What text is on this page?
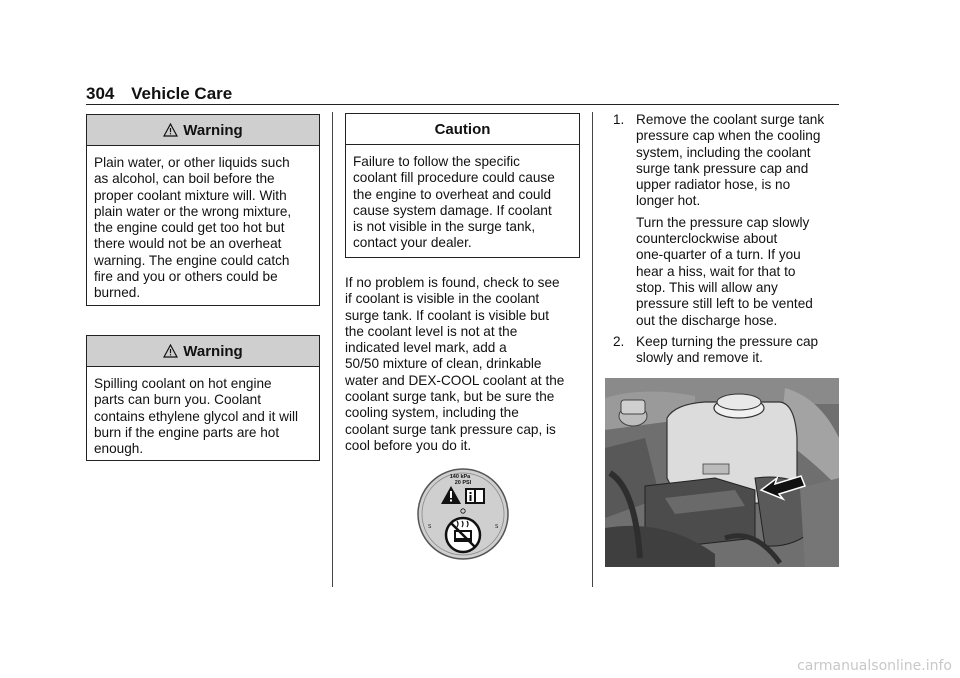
304 Vehicle Care
Warning
Plain water, or other liquids such
as alcohol, can boil before the
proper coolant mixture will. With
plain water or the wrong mixture,
the engine could get too hot but
there would not be an overheat
warning. The engine could catch
fire and you or others could be
burned.
Warning
Spilling coolant on hot engine
parts can burn you. Coolant
contains ethylene glycol and it will
burn if the engine parts are hot
enough.
Caution
Failure to follow the specific
coolant fill procedure could cause
the engine to overheat and could
cause system damage. If coolant
is not visible in the surge tank,
contact your dealer.
If no problem is found, check to see
if coolant is visible in the coolant
surge tank. If coolant is visible but
the coolant level is not at the
indicated level mark, add a
50/50 mixture of clean, drinkable
water and DEX-COOL coolant at the
coolant surge tank, but be sure the
cooling system, including the
coolant surge tank pressure cap, is
cool before you do it.
140 kPa
20 PSI
S	S
1. Remove the coolant surge tank
pressure cap when the cooling
system, including the coolant
surge tank pressure cap and
upper radiator hose, is no
longer hot.
Turn the pressure cap slowly
counterclockwise about
one-quarter of a turn. If you
hear a hiss, wait for that to
stop. This will allow any
pressure still left to be vented
out the discharge hose.
2. Keep turning the pressure cap
slowly and remove it.
carmanualsonline.info
